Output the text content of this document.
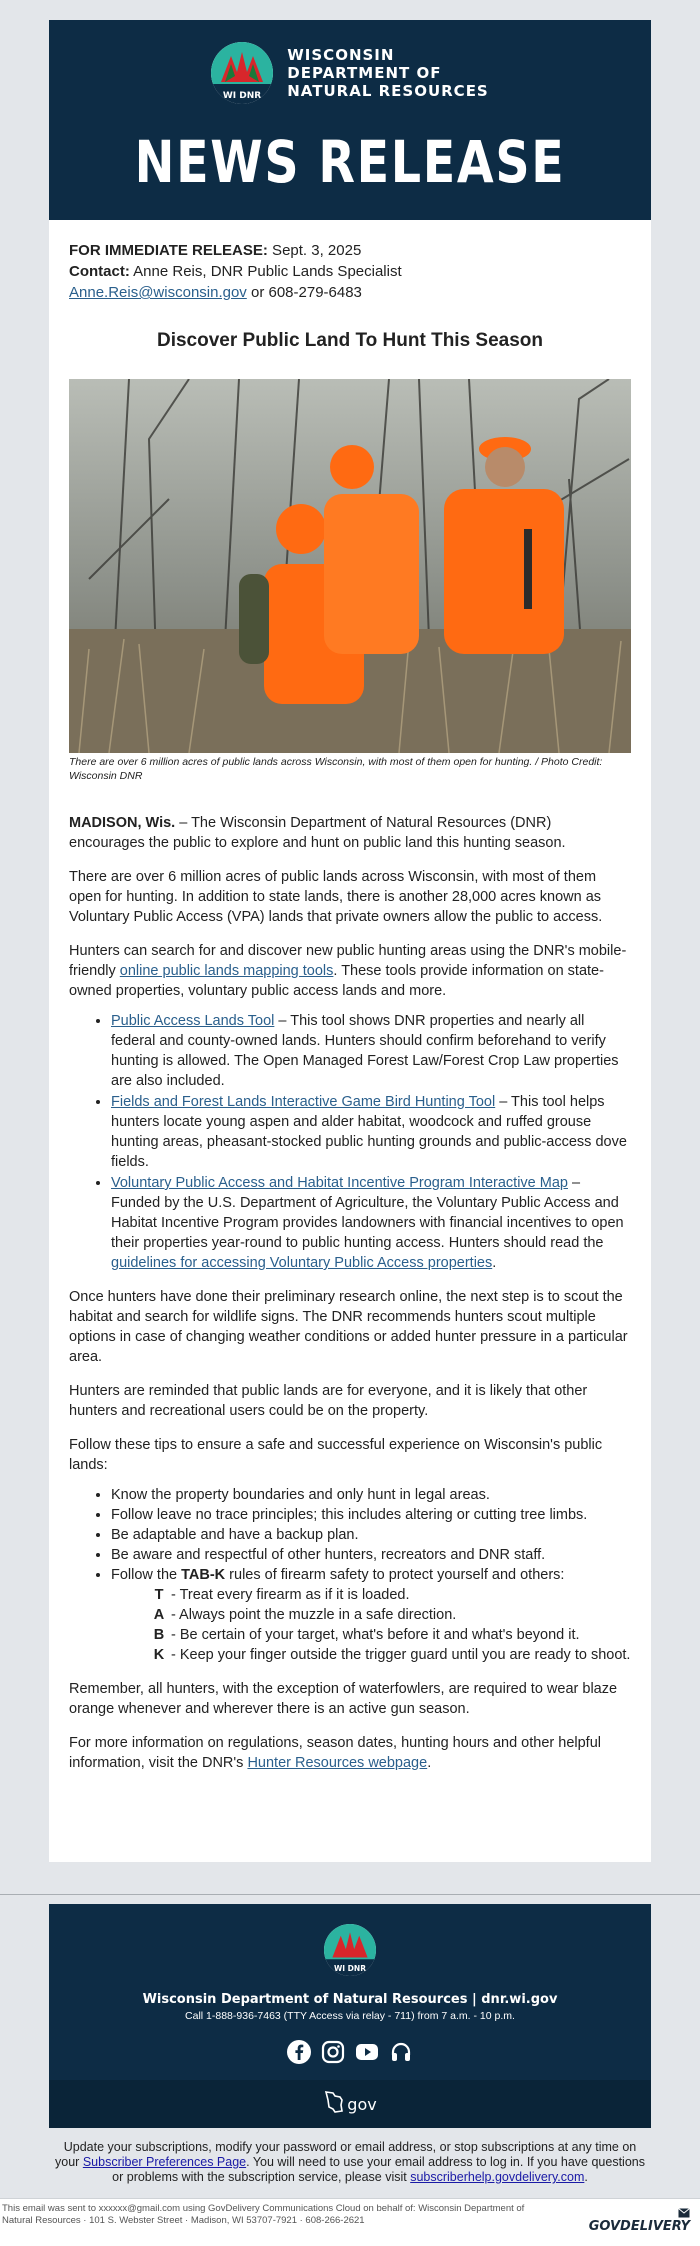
WI DNR
WISCONSIN
DEPARTMENT OF
NATURAL RESOURCES
NEWS RELEASE
FOR IMMEDIATE RELEASE: Sept. 3, 2025
Contact: Anne Reis, DNR Public Lands Specialist
Anne.Reis@wisconsin.gov or 608-279-6483
Discover Public Land To Hunt This Season
There are over 6 million acres of public lands across Wisconsin, with most of them open for hunting. / Photo Credit: Wisconsin DNR

MADISON, Wis. – The Wisconsin Department of Natural Resources (DNR) encourages the public to explore and hunt on public land this hunting season.

There are over 6 million acres of public lands across Wisconsin, with most of them open for hunting. In addition to state lands, there is another 28,000 acres known as Voluntary Public Access (VPA) lands that private owners allow the public to access.

Hunters can search for and discover new public hunting areas using the DNR's mobile-friendly online public lands mapping tools. These tools provide information on state-owned properties, voluntary public access lands and more.

• Public Access Lands Tool – This tool shows DNR properties and nearly all federal and county-owned lands. Hunters should confirm beforehand to verify hunting is allowed. The Open Managed Forest Law/Forest Crop Law properties are also included.
• Fields and Forest Lands Interactive Game Bird Hunting Tool – This tool helps hunters locate young aspen and alder habitat, woodcock and ruffed grouse hunting areas, pheasant-stocked public hunting grounds and public-access dove fields.
• Voluntary Public Access and Habitat Incentive Program Interactive Map – Funded by the U.S. Department of Agriculture, the Voluntary Public Access and Habitat Incentive Program provides landowners with financial incentives to open their properties year-round to public hunting access. Hunters should read the guidelines for accessing Voluntary Public Access properties.

Once hunters have done their preliminary research online, the next step is to scout the habitat and search for wildlife signs. The DNR recommends hunters scout multiple options in case of changing weather conditions or added hunter pressure in a particular area.

Hunters are reminded that public lands are for everyone, and it is likely that other hunters and recreational users could be on the property.

Follow these tips to ensure a safe and successful experience on Wisconsin's public lands:

• Know the property boundaries and only hunt in legal areas.
• Follow leave no trace principles; this includes altering or cutting tree limbs.
• Be adaptable and have a backup plan.
• Be aware and respectful of other hunters, recreators and DNR staff.
• Follow the TAB-K rules of firearm safety to protect yourself and others:
T - Treat every firearm as if it is loaded.
A - Always point the muzzle in a safe direction.
B - Be certain of your target, what's before it and what's beyond it.
K - Keep your finger outside the trigger guard until you are ready to shoot.

Remember, all hunters, with the exception of waterfowlers, are required to wear blaze orange whenever and wherever there is an active gun season.

For more information on regulations, season dates, hunting hours and other helpful information, visit the DNR's Hunter Resources webpage.

WI DNR
Wisconsin Department of Natural Resources | dnr.wi.gov
Call 1-888-936-7463 (TTY Access via relay - 711) from 7 a.m. - 10 p.m.
gov
Update your subscriptions, modify your password or email address, or stop subscriptions at any time on your Subscriber Preferences Page. You will need to use your email address to log in. If you have questions or problems with the subscription service, please visit subscriberhelp.govdelivery.com.
This email was sent to xxxxxx@gmail.com using GovDelivery Communications Cloud on behalf of: Wisconsin Department of Natural Resources · 101 S. Webster Street · Madison, WI 53707-7921 · 608-266-2621	GOVDELIVERY
